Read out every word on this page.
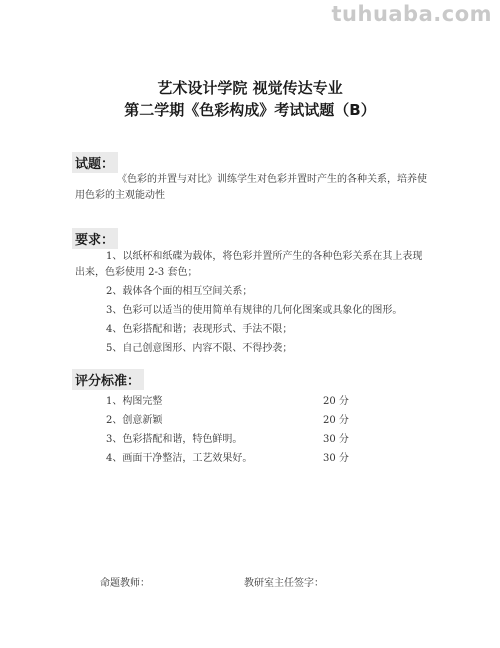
tuhuaba.com
艺术设计学院 视觉传达专业
第二学期《色彩构成》考试试题（B）
试题：
《色彩的并置与对比》训练学生对色彩并置时产生的各种关系，培养使
用色彩的主观能动性
要求：
1、以纸杯和纸碟为载体，将色彩并置所产生的各种色彩关系在其上表现
出来，色彩使用 2-3 套色；
2、载体各个面的相互空间关系；
3、色彩可以适当的使用简单有规律的几何化图案或具象化的图形。
4、色彩搭配和谐；表现形式、手法不限；
5、自己创意图形、内容不限、不得抄袭；
评分标准：
1、构图完整	20 分
2、创意新颖	20 分
3、色彩搭配和谐，特色鲜明。	30 分
4、画面干净整洁，工艺效果好。	30 分
命题教师：	教研室主任签字：
